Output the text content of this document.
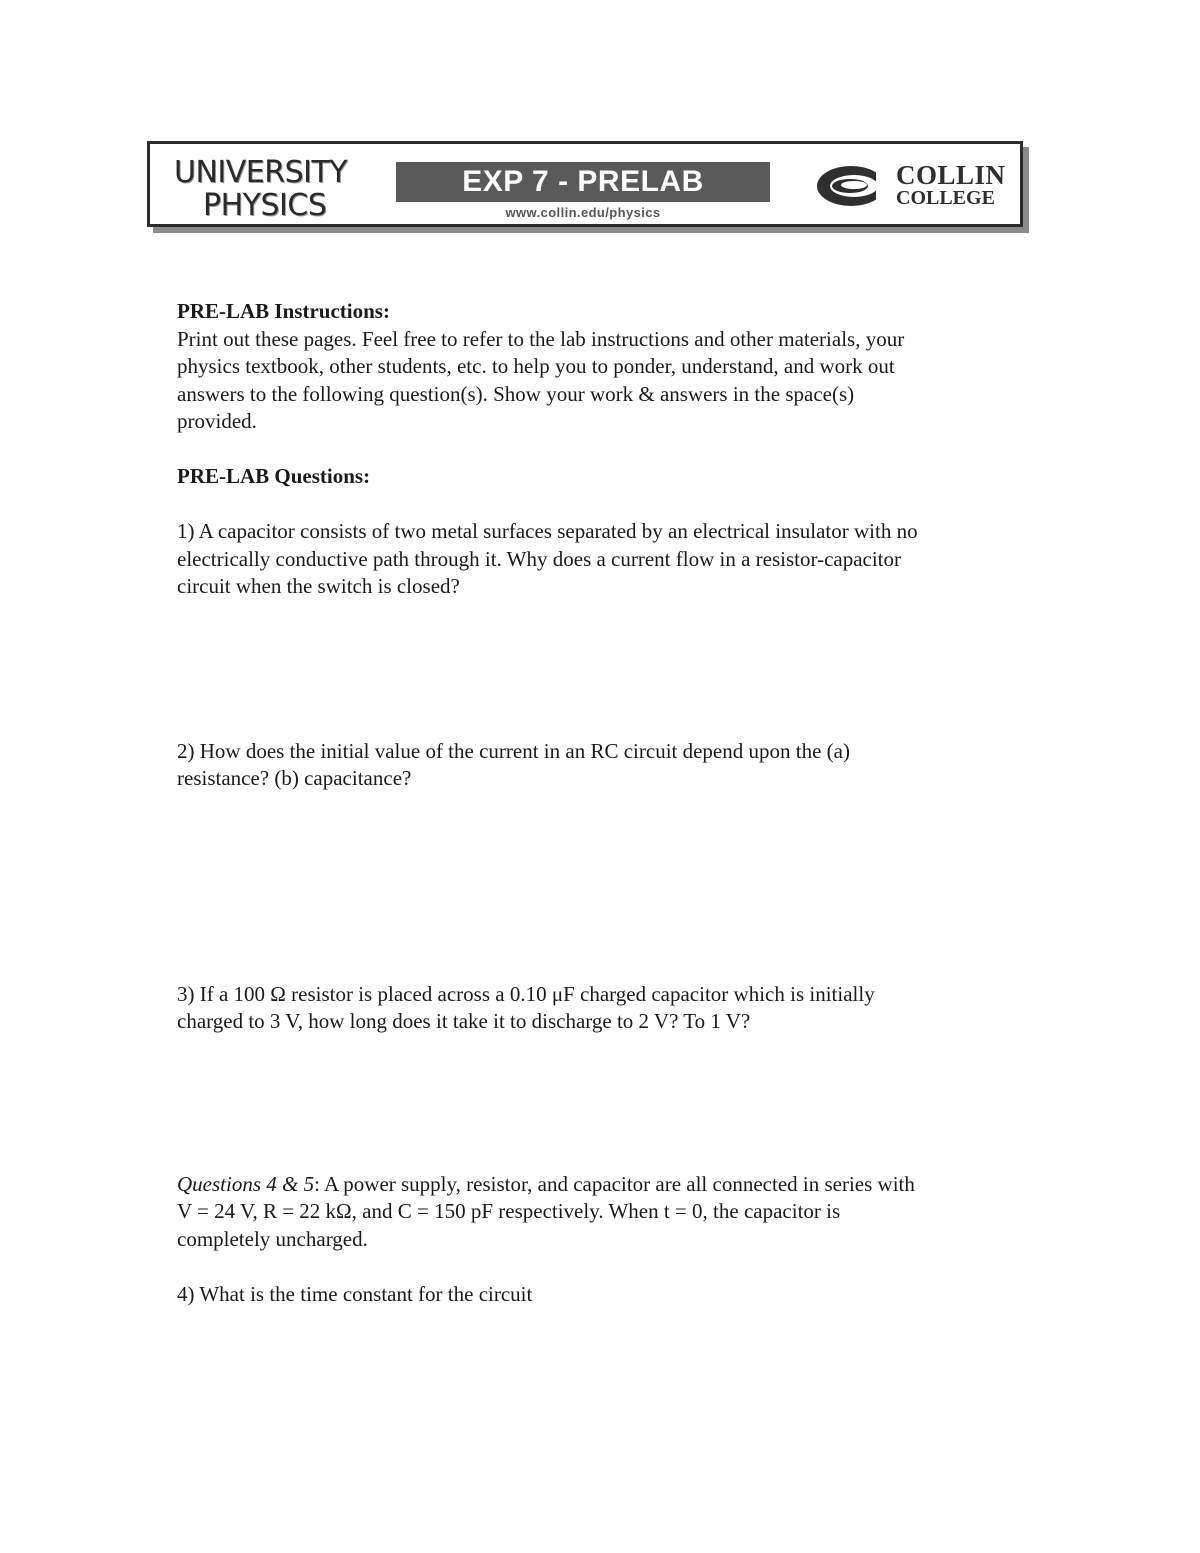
UNIVERSITY
PHYSICS
EXP 7 - PRELAB
www.collin.edu/physics
COLLIN
COLLEGE

PRE-LAB Instructions:

Print out these pages. Feel free to refer to the lab instructions and other materials, your

physics textbook, other students, etc. to help you to ponder, understand, and work out

answers to the following question(s). Show your work & answers in the space(s)

provided.

PRE-LAB Questions:

1) A capacitor consists of two metal surfaces separated by an electrical insulator with no

electrically conductive path through it. Why does a current flow in a resistor-capacitor

circuit when the switch is closed?

2) How does the initial value of the current in an RC circuit depend upon the (a)

resistance? (b) capacitance?

3) If a 100 Ω resistor is placed across a 0.10 μF charged capacitor which is initially

charged to 3 V, how long does it take it to discharge to 2 V? To 1 V?

Questions 4 & 5: A power supply, resistor, and capacitor are all connected in series with

V = 24 V, R = 22 kΩ, and C = 150 pF respectively. When t = 0, the capacitor is

completely uncharged.

4) What is the time constant for the circuit
